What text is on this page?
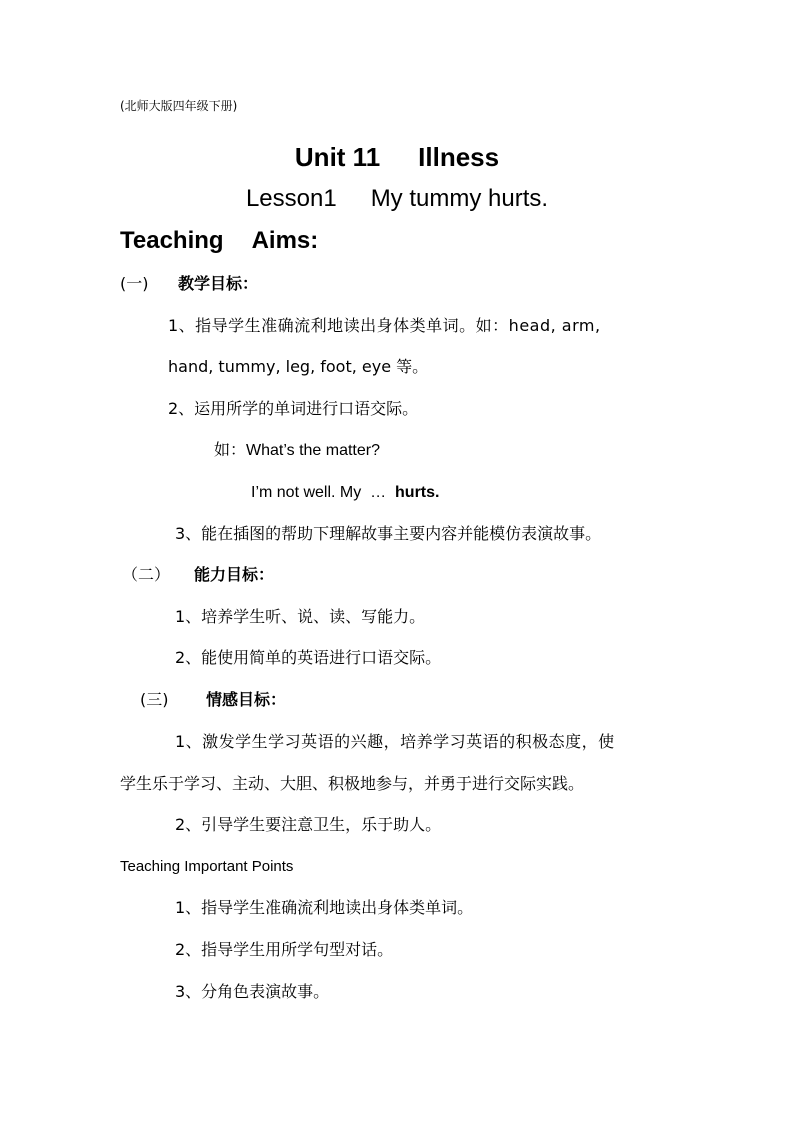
(北师大版四年级下册)
Unit 11 Illness
Lesson1 My tummy hurts.
Teaching Aims:
(一) 教学目标：
1、指导学生准确流利地读出身体类单词。如：head, arm,
hand, tummy, leg, foot, eye 等。
2、运用所学的单词进行口语交际。
如：What’s the matter?
I’m not well. My  …  hurts.
3、能在插图的帮助下理解故事主要内容并能模仿表演故事。
（二） 能力目标：
1、培养学生听、说、读、写能力。
2、能使用简单的英语进行口语交际。
(三) 情感目标：
1、激发学生学习英语的兴趣，培养学习英语的积极态度，使
学生乐于学习、主动、大胆、积极地参与，并勇于进行交际实践。
2、引导学生要注意卫生，乐于助人。
Teaching Important Points
1、指导学生准确流利地读出身体类单词。
2、指导学生用所学句型对话。
3、分角色表演故事。
